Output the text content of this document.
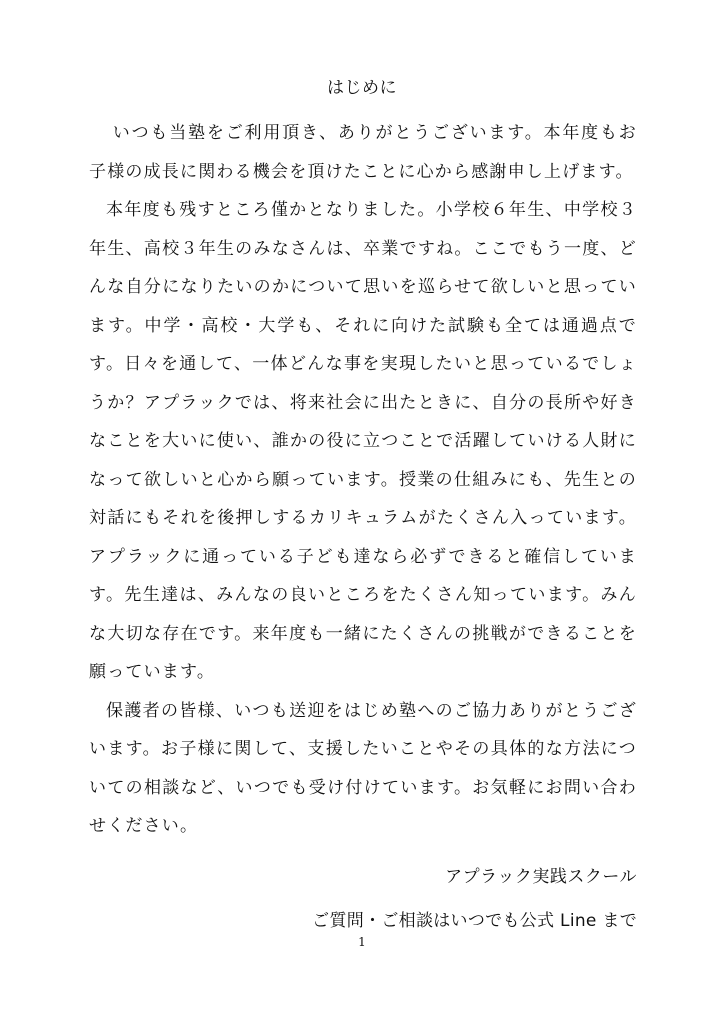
はじめに

いつも当塾をご利用頂き、ありがとうございます。本年度もお子様の成長に関わる機会を頂けたことに心から感謝申し上げます。

本年度も残すところ僅かとなりました。小学校６年生、中学校３年生、高校３年生のみなさんは、卒業ですね。ここでもう一度、どんな自分になりたいのかについて思いを巡らせて欲しいと思っています。中学・高校・大学も、それに向けた試験も全ては通過点です。日々を通して、一体どんな事を実現したいと思っているでしょうか？アプラックでは、将来社会に出たときに、自分の長所や好きなことを大いに使い、誰かの役に立つことで活躍していける人財になって欲しいと心から願っています。授業の仕組みにも、先生との対話にもそれを後押しするカリキュラムがたくさん入っています。アプラックに通っている子ども達なら必ずできると確信しています。先生達は、みんなの良いところをたくさん知っています。みんな大切な存在です。来年度も一緒にたくさんの挑戦ができることを願っています。

保護者の皆様、いつも送迎をはじめ塾へのご協力ありがとうございます。お子様に関して、支援したいことやその具体的な方法についての相談など、いつでも受け付けています。お気軽にお問い合わせください。

アプラック実践スクール
ご質問・ご相談はいつでも公式 Line まで
1
